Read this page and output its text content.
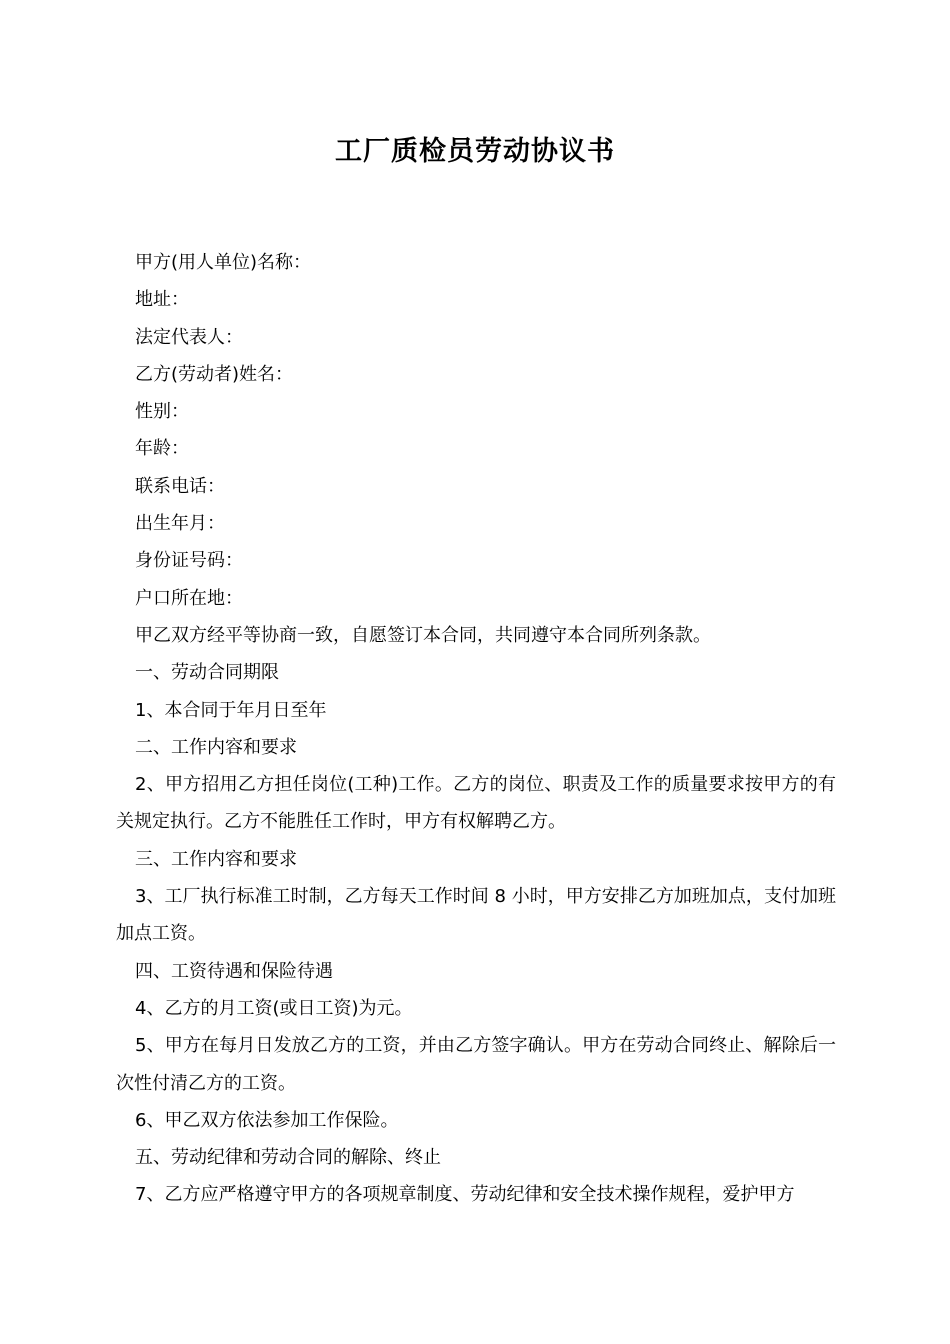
工厂质检员劳动协议书

甲方(用人单位)名称：

地址：

法定代表人：

乙方(劳动者)姓名：

性别：

年龄：

联系电话：

出生年月：

身份证号码：

户口所在地：

甲乙双方经平等协商一致，自愿签订本合同，共同遵守本合同所列条款。

一、劳动合同期限

1、本合同于年月日至年

二、工作内容和要求

2、甲方招用乙方担任岗位(工种)工作。乙方的岗位、职责及工作的质量要求按甲方的有关规定执行。乙方不能胜任工作时，甲方有权解聘乙方。

三、工作内容和要求

3、工厂执行标准工时制，乙方每天工作时间 8 小时，甲方安排乙方加班加点，支付加班加点工资。

四、工资待遇和保险待遇

4、乙方的月工资(或日工资)为元。

5、甲方在每月日发放乙方的工资，并由乙方签字确认。甲方在劳动合同终止、解除后一次性付清乙方的工资。

6、甲乙双方依法参加工作保险。

五、劳动纪律和劳动合同的解除、终止

7、乙方应严格遵守甲方的各项规章制度、劳动纪律和安全技术操作规程，爱护甲方
